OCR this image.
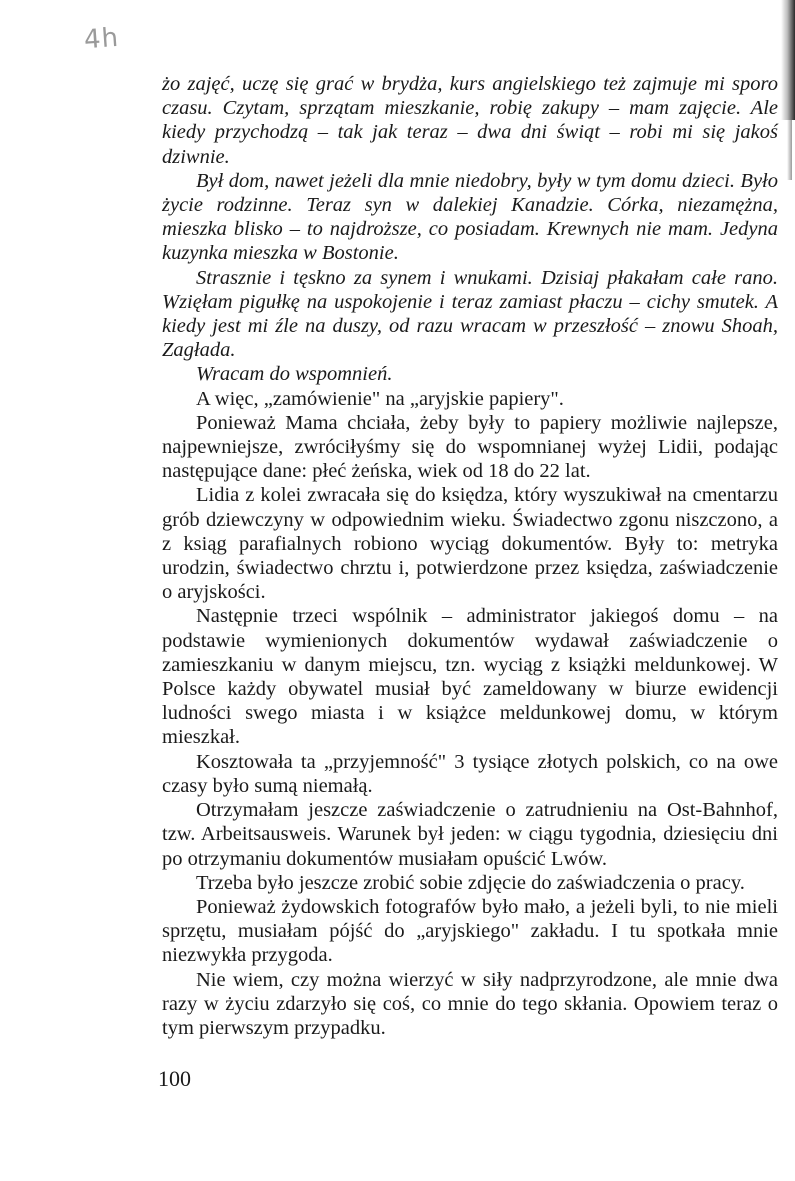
4h

żo zajęć, uczę się grać w brydża, kurs angielskiego też zajmuje mi sporo czasu. Czytam, sprzątam mieszkanie, robię zakupy – mam zajęcie. Ale kiedy przychodzą – tak jak teraz – dwa dni świąt – robi mi się jakoś dziwnie.

Był dom, nawet jeżeli dla mnie niedobry, były w tym domu dzieci. Było życie rodzinne. Teraz syn w dalekiej Kanadzie. Córka, niezamężna, mieszka blisko – to najdroższe, co posiadam. Krewnych nie mam. Jedyna kuzynka mieszka w Bostonie.

Strasznie i tęskno za synem i wnukami. Dzisiaj płakałam całe rano. Wzięłam pigułkę na uspokojenie i teraz zamiast płaczu – cichy smutek. A kiedy jest mi źle na duszy, od razu wracam w przeszłość – znowu Shoah, Zagłada.

Wracam do wspomnień.

A więc, „zamówienie" na „aryjskie papiery".

Ponieważ Mama chciała, żeby były to papiery możliwie najlepsze, najpewniejsze, zwróciłyśmy się do wspomnianej wyżej Lidii, podając następujące dane: płeć żeńska, wiek od 18 do 22 lat.

Lidia z kolei zwracała się do księdza, który wyszukiwał na cmentarzu grób dziewczyny w odpowiednim wieku. Świadectwo zgonu niszczono, a z ksiąg parafialnych robiono wyciąg dokumentów. Były to: metryka urodzin, świadectwo chrztu i, potwierdzone przez księdza, zaświadczenie o aryjskości.

Następnie trzeci wspólnik – administrator jakiegoś domu – na podstawie wymienionych dokumentów wydawał zaświadczenie o zamieszkaniu w danym miejscu, tzn. wyciąg z książki meldunkowej. W Polsce każdy obywatel musiał być zameldowany w biurze ewidencji ludności swego miasta i w książce meldunkowej domu, w którym mieszkał.

Kosztowała ta „przyjemność" 3 tysiące złotych polskich, co na owe czasy było sumą niemałą.

Otrzymałam jeszcze zaświadczenie o zatrudnieniu na Ost-Bahnhof, tzw. Arbeitsausweis. Warunek był jeden: w ciągu tygodnia, dziesięciu dni po otrzymaniu dokumentów musiałam opuścić Lwów.

Trzeba było jeszcze zrobić sobie zdjęcie do zaświadczenia o pracy.

Ponieważ żydowskich fotografów było mało, a jeżeli byli, to nie mieli sprzętu, musiałam pójść do „aryjskiego" zakładu. I tu spotkała mnie niezwykła przygoda.

Nie wiem, czy można wierzyć w siły nadprzyrodzone, ale mnie dwa razy w życiu zdarzyło się coś, co mnie do tego skłania. Opowiem teraz o tym pierwszym przypadku.

100
